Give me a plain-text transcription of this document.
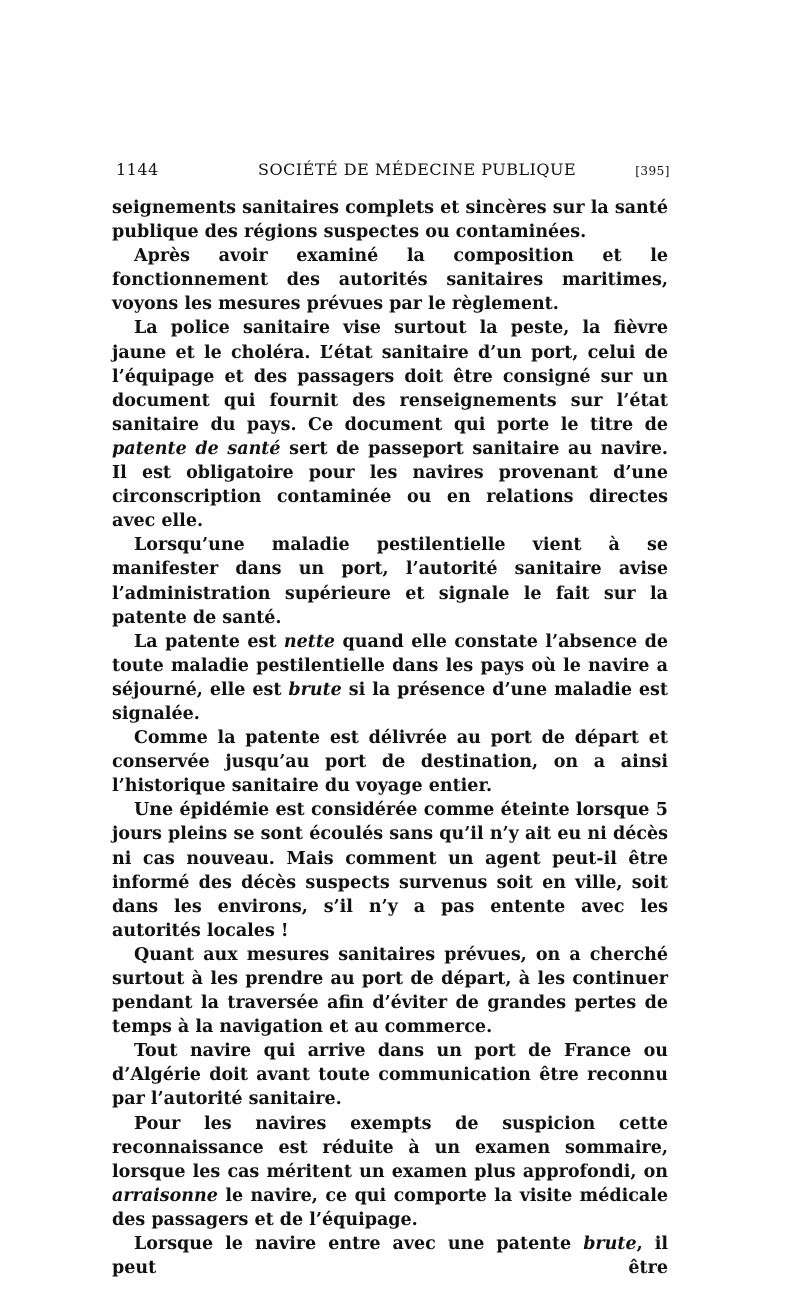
1144	SOCIÉTÉ DE MÉDECINE PUBLIQUE	[395]

seignements sanitaires complets et sincères sur la santé publique des régions suspectes ou contaminées.

Après avoir examiné la composition et le fonctionnement des autorités sanitaires maritimes, voyons les mesures prévues par le règlement.

La police sanitaire vise surtout la peste, la fièvre jaune et le choléra. L’état sanitaire d’un port, celui de l’équipage et des passagers doit être consigné sur un document qui fournit des renseignements sur l’état sanitaire du pays. Ce document qui porte le titre de patente de santé sert de passeport sanitaire au navire. Il est obligatoire pour les navires provenant d’une circonscription contaminée ou en relations directes avec elle.

Lorsqu’une maladie pestilentielle vient à se manifester dans un port, l’autorité sanitaire avise l’administration supérieure et signale le fait sur la patente de santé.

La patente est nette quand elle constate l’absence de toute maladie pestilentielle dans les pays où le navire a séjourné, elle est brute si la présence d’une maladie est signalée.

Comme la patente est délivrée au port de départ et conservée jusqu’au port de destination, on a ainsi l’historique sanitaire du voyage entier.

Une épidémie est considérée comme éteinte lorsque 5 jours pleins se sont écoulés sans qu’il n’y ait eu ni décès ni cas nouveau. Mais comment un agent peut-il être informé des décès suspects survenus soit en ville, soit dans les environs, s’il n’y a pas entente avec les autorités locales !

Quant aux mesures sanitaires prévues, on a cherché surtout à les prendre au port de départ, à les continuer pendant la traversée afin d’éviter de grandes pertes de temps à la navigation et au commerce.

Tout navire qui arrive dans un port de France ou d’Algérie doit avant toute communication être reconnu par l’autorité sanitaire.

Pour les navires exempts de suspicion cette reconnaissance est réduite à un examen sommaire, lorsque les cas méritent un examen plus approfondi, on arraisonne le navire, ce qui comporte la visite médicale des passagers et de l’équipage.

Lorsque le navire entre avec une patente brute, il peut être
